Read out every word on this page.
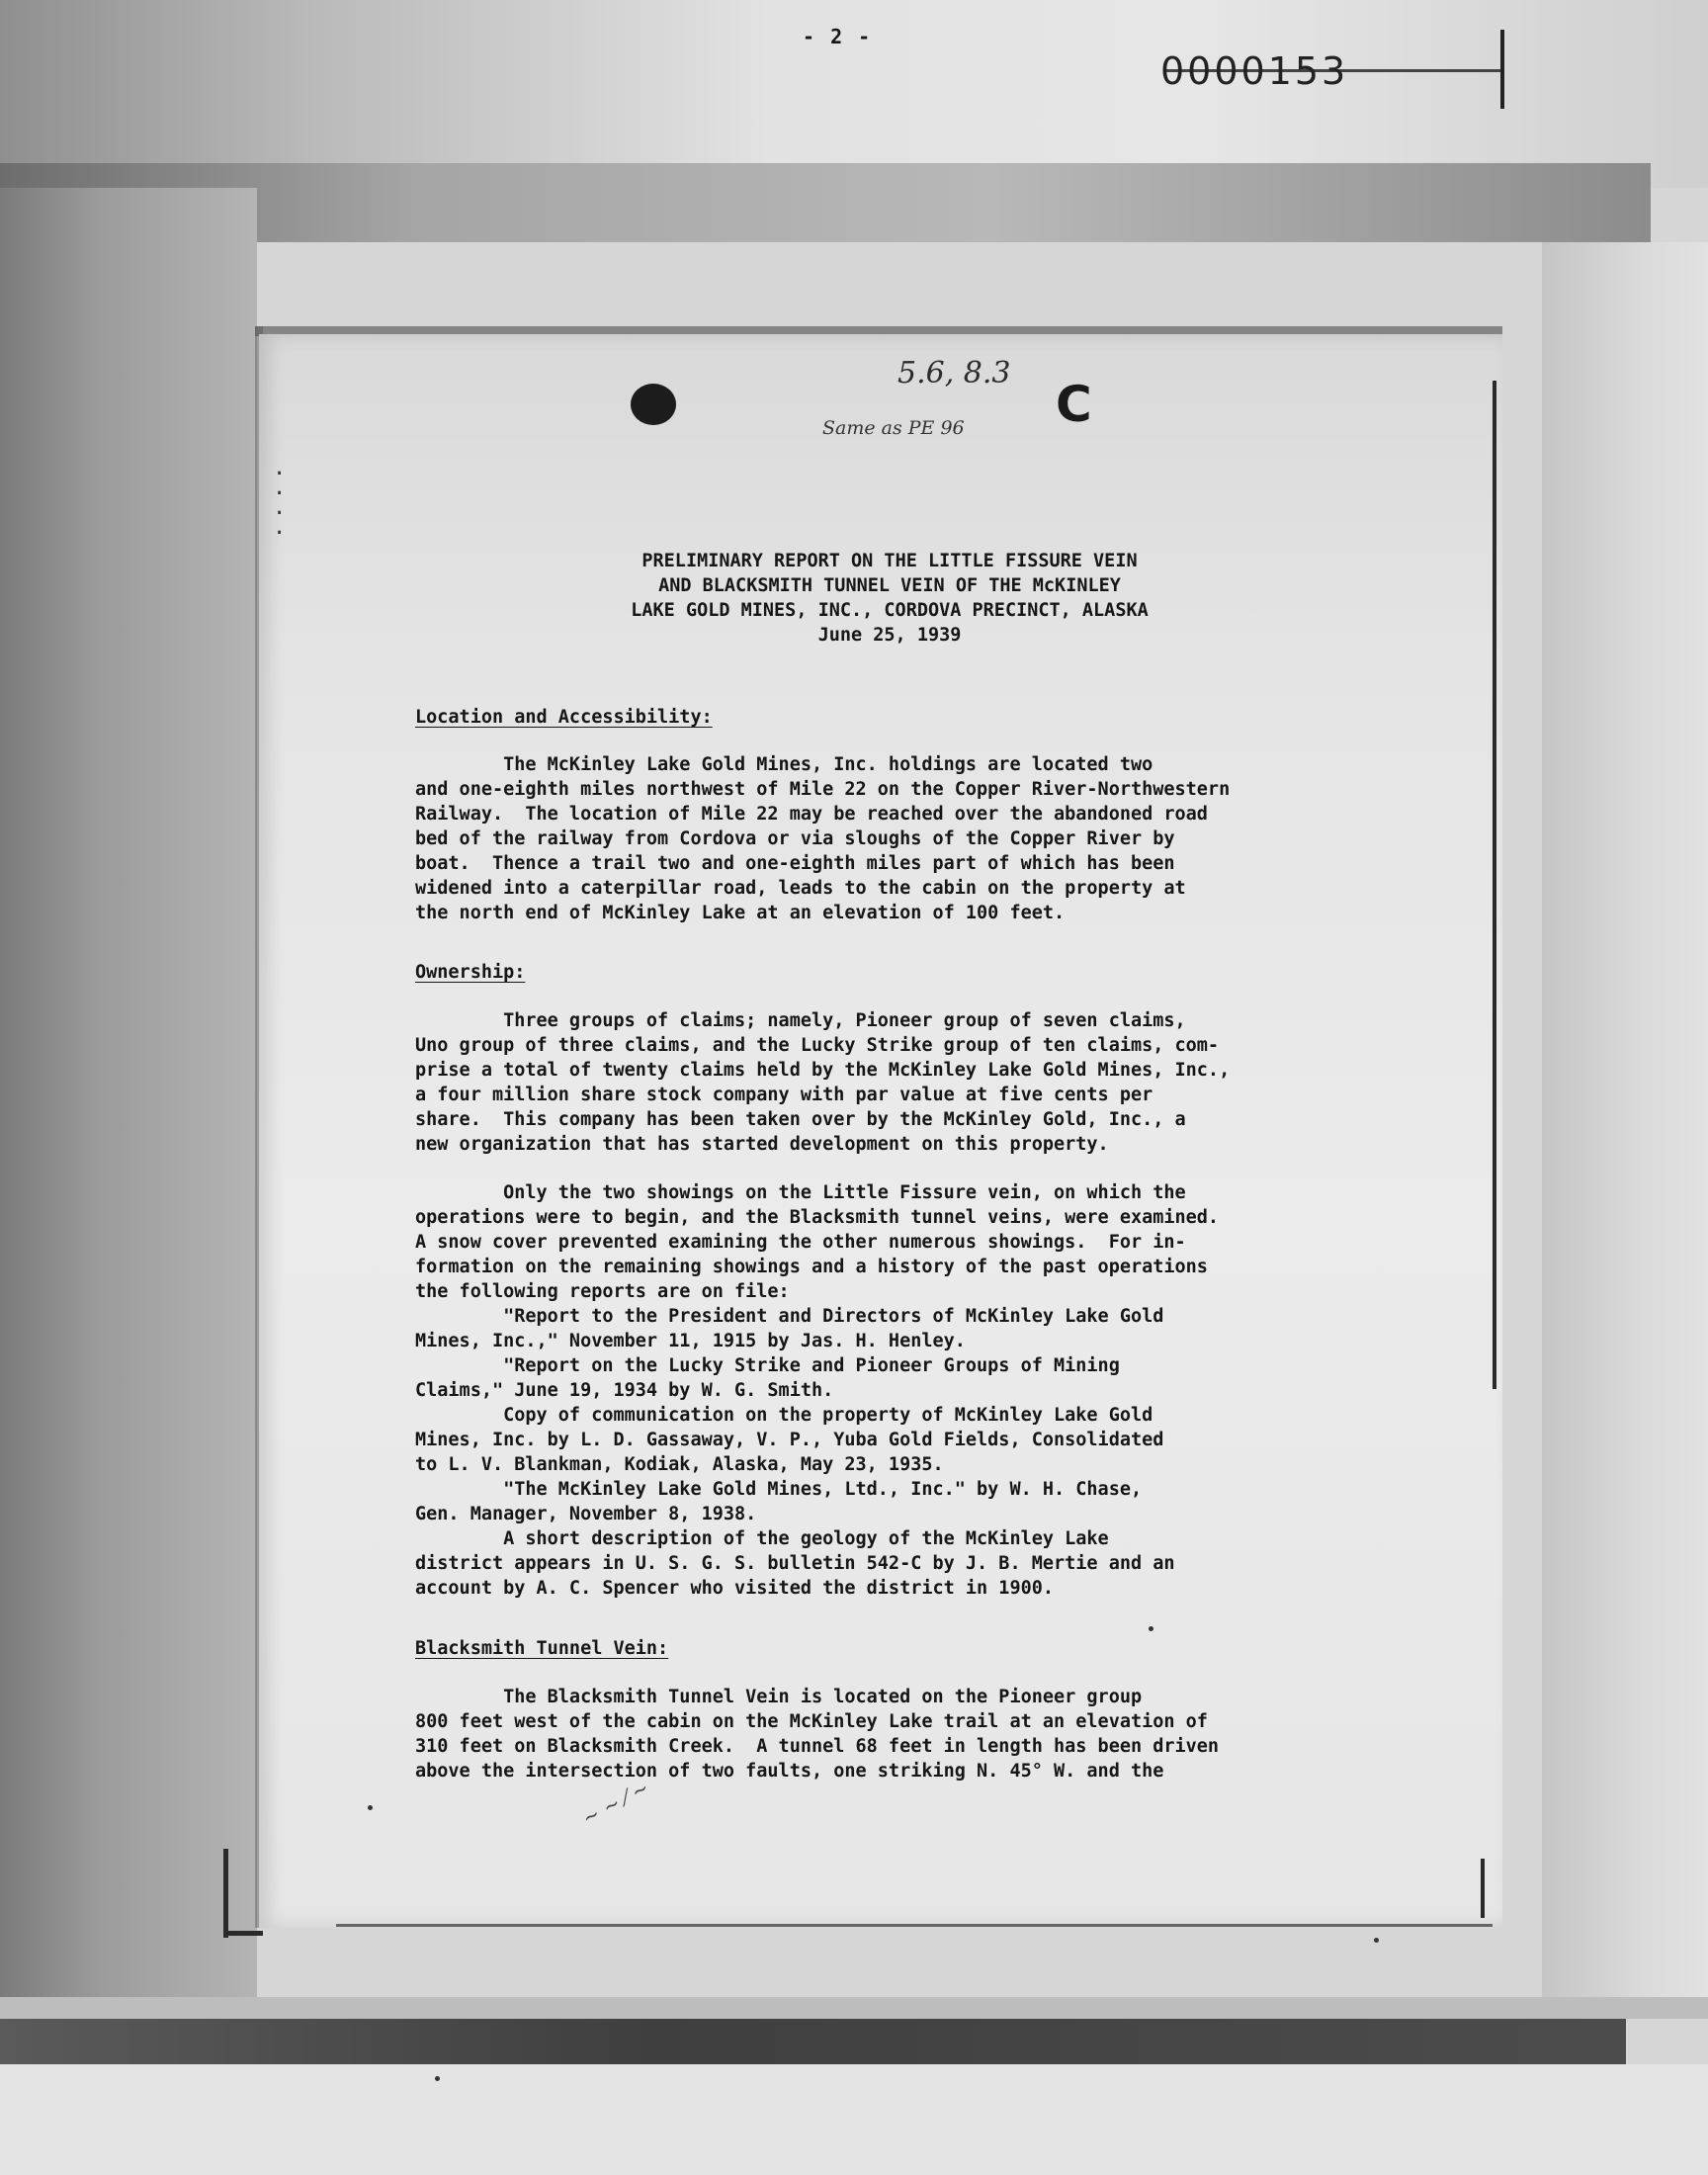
- 2 -
0000153
5.6, 8.3
Same as PE 96 C
·
·
·
·
PRELIMINARY REPORT ON THE LITTLE FISSURE VEIN
AND BLACKSMITH TUNNEL VEIN OF THE McKINLEY
LAKE GOLD MINES, INC., CORDOVA PRECINCT, ALASKA
June 25, 1939
Location and Accessibility:
The McKinley Lake Gold Mines, Inc. holdings are located two
and one-eighth miles northwest of Mile 22 on the Copper River-Northwestern
Railway.  The location of Mile 22 may be reached over the abandoned road
bed of the railway from Cordova or via sloughs of the Copper River by
boat.  Thence a trail two and one-eighth miles part of which has been
widened into a caterpillar road, leads to the cabin on the property at
the north end of McKinley Lake at an elevation of 100 feet.
Ownership:
Three groups of claims; namely, Pioneer group of seven claims,
Uno group of three claims, and the Lucky Strike group of ten claims, com-
prise a total of twenty claims held by the McKinley Lake Gold Mines, Inc.,
a four million share stock company with par value at five cents per
share.  This company has been taken over by the McKinley Gold, Inc., a
new organization that has started development on this property.
Only the two showings on the Little Fissure vein, on which the
operations were to begin, and the Blacksmith tunnel veins, were examined.
A snow cover prevented examining the other numerous showings.  For in-
formation on the remaining showings and a history of the past operations
the following reports are on file:
"Report to the President and Directors of McKinley Lake Gold
Mines, Inc.," November 11, 1915 by Jas. H. Henley.
"Report on the Lucky Strike and Pioneer Groups of Mining
Claims," June 19, 1934 by W. G. Smith.
Copy of communication on the property of McKinley Lake Gold
Mines, Inc. by L. D. Gassaway, V. P., Yuba Gold Fields, Consolidated
to L. V. Blankman, Kodiak, Alaska, May 23, 1935.
"The McKinley Lake Gold Mines, Ltd., Inc." by W. H. Chase,
Gen. Manager, November 8, 1938.
A short description of the geology of the McKinley Lake
district appears in U. S. G. S. bulletin 542-C by J. B. Mertie and an
account by A. C. Spencer who visited the district in 1900.
Blacksmith Tunnel Vein:
The Blacksmith Tunnel Vein is located on the Pioneer group
800 feet west of the cabin on the McKinley Lake trail at an elevation of
310 feet on Blacksmith Creek.  A tunnel 68 feet in length has been driven
above the intersection of two faults, one striking N. 45° W. and the
∼ ∼ ⁄ ∼
